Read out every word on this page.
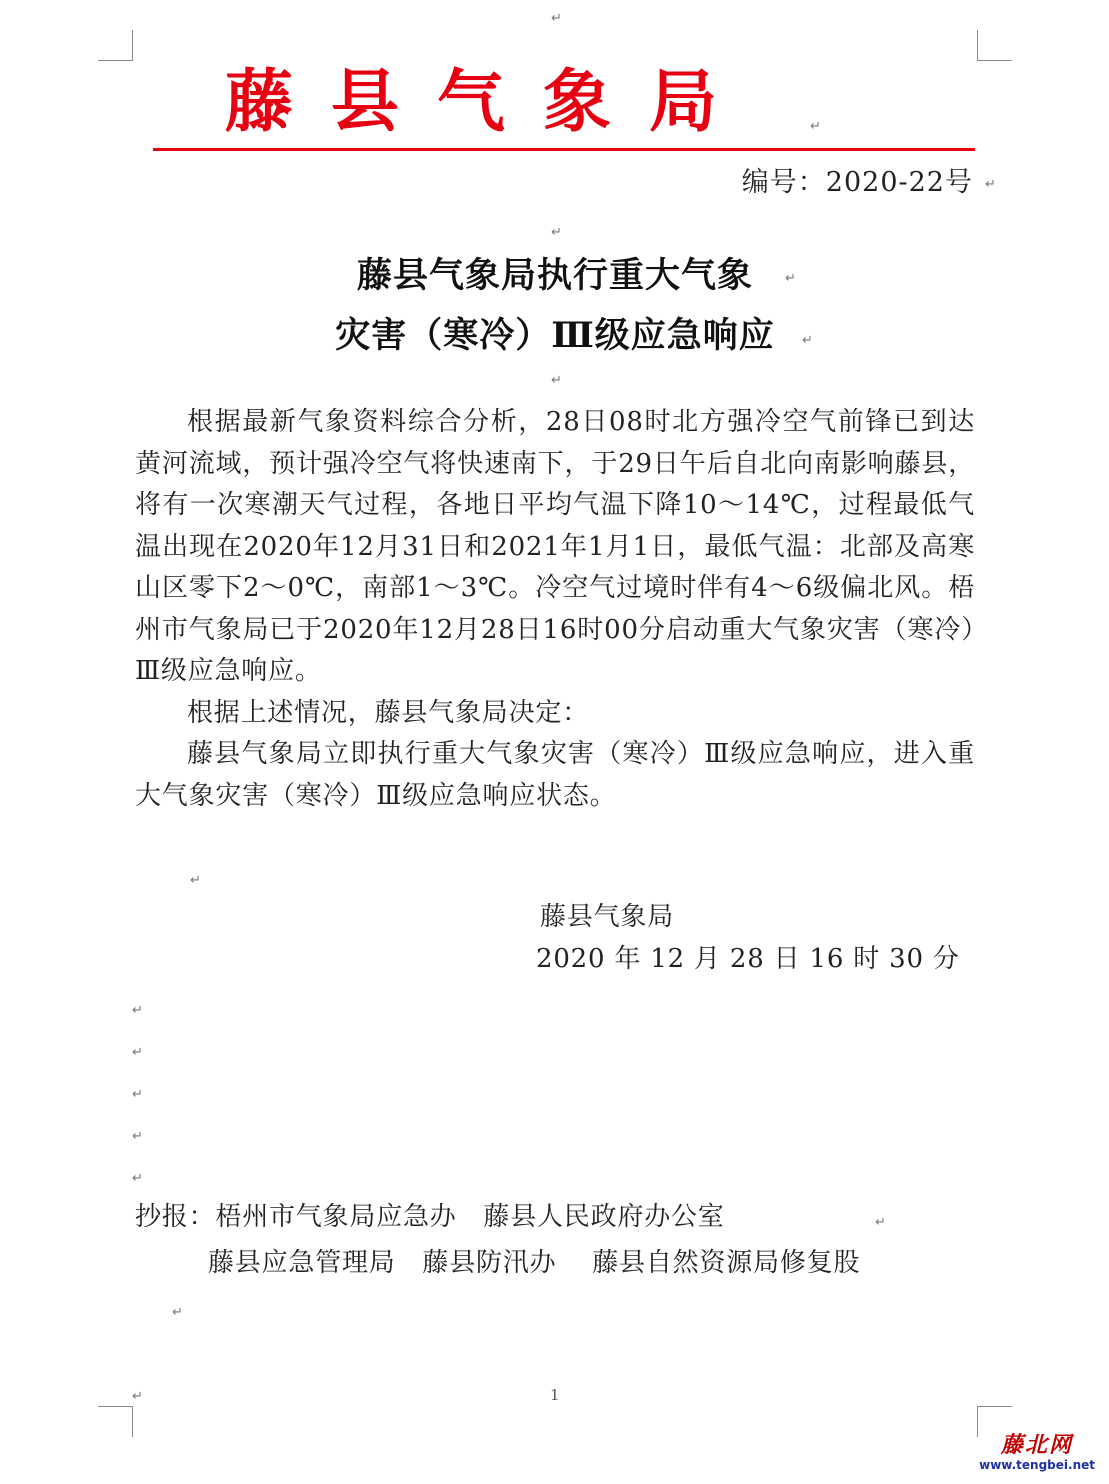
↵
↵
↵
↵
↵
↵
↵
↵
↵
↵
↵
↵
↵
↵
↵
↵
藤县气象局
编号：2020-22号
藤县气象局执行重大气象
灾害（寒冷）Ⅲ级应急响应

根据最新气象资料综合分析，28日08时北方强冷空气前锋已到达黄河流域，预计强冷空气将快速南下，于29日午后自北向南影响藤县，将有一次寒潮天气过程，各地日平均气温下降10～14℃，过程最低气温出现在2020年12月31日和2021年1月1日，最低气温：北部及高寒山区零下2～0℃，南部1～3℃。冷空气过境时伴有4～6级偏北风。梧州市气象局已于2020年12月28日16时00分启动重大气象灾害（寒冷）Ⅲ级应急响应。

根据上述情况，藤县气象局决定：

藤县气象局立即执行重大气象灾害（寒冷）Ⅲ级应急响应，进入重大气象灾害（寒冷）Ⅲ级应急响应状态。

藤县气象局
2020 年 12 月 28 日 16 时 30 分
抄报：梧州市气象局应急办　藤县人民政府办公室
藤县应急管理局　藤县防汛办　 藤县自然资源局修复股
1
藤北网
www.tengbei.net
